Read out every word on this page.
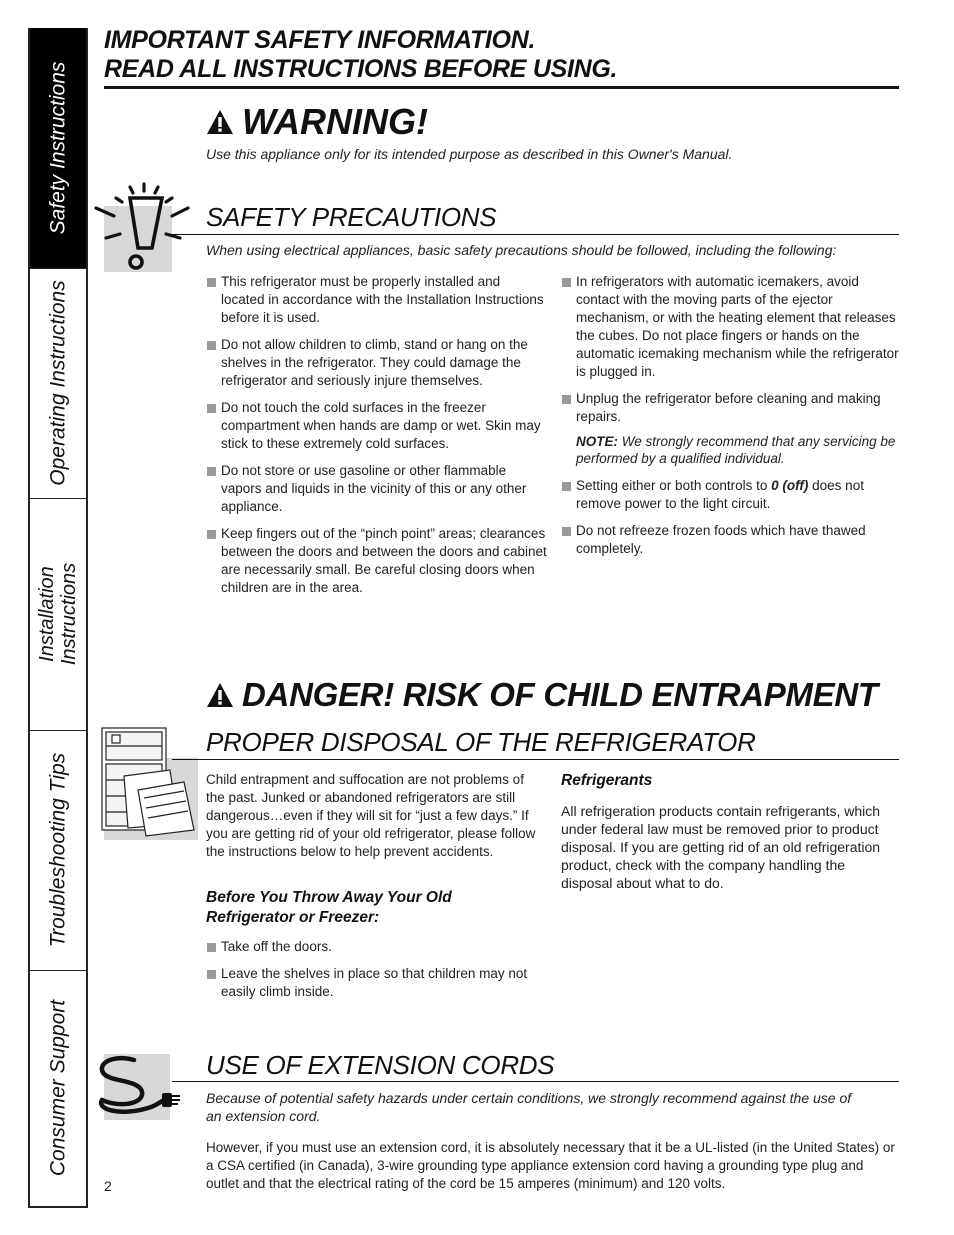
Safety Instructions
Operating Instructions
Installation Instructions
Troubleshooting Tips
Consumer Support
IMPORTANT SAFETY INFORMATION.
READ ALL INSTRUCTIONS BEFORE USING.
WARNING!
Use this appliance only for its intended purpose as described in this Owner's Manual.
SAFETY PRECAUTIONS
When using electrical appliances, basic safety precautions should be followed, including the following:
This refrigerator must be properly installed and located in accordance with the Installation Instructions before it is used.
Do not allow children to climb, stand or hang on the shelves in the refrigerator. They could damage the refrigerator and seriously injure themselves.
Do not touch the cold surfaces in the freezer compartment when hands are damp or wet. Skin may stick to these extremely cold surfaces.
Do not store or use gasoline or other flammable vapors and liquids in the vicinity of this or any other appliance.
Keep fingers out of the “pinch point” areas; clearances between the doors and between the doors and cabinet are necessarily small. Be careful closing doors when children are in the area.
In refrigerators with automatic icemakers, avoid contact with the moving parts of the ejector mechanism, or with the heating element that releases the cubes. Do not place fingers or hands on the automatic icemaking mechanism while the refrigerator is plugged in.
Unplug the refrigerator before cleaning and making repairs.
NOTE: We strongly recommend that any servicing be performed by a qualified individual.
Setting either or both controls to 0 (off) does not remove power to the light circuit.
Do not refreeze frozen foods which have thawed completely.
DANGER! RISK OF CHILD ENTRAPMENT
PROPER DISPOSAL OF THE REFRIGERATOR
Child entrapment and suffocation are not problems of the past. Junked or abandoned refrigerators are still dangerous…even if they will sit for “just a few days.” If you are getting rid of your old refrigerator, please follow the instructions below to help prevent accidents.
Before You Throw Away Your Old
Refrigerator or Freezer:
Take off the doors.
Leave the shelves in place so that children may not easily climb inside.
Refrigerants
All refrigeration products contain refrigerants, which under federal law must be removed prior to product disposal. If you are getting rid of an old refrigeration product, check with the company handling the disposal about what to do.
USE OF EXTENSION CORDS
Because of potential safety hazards under certain conditions, we strongly recommend against the use of an extension cord.
However, if you must use an extension cord, it is absolutely necessary that it be a UL-listed (in the United States) or a CSA certified (in Canada), 3-wire grounding type appliance extension cord having a grounding type plug and outlet and that the electrical rating of the cord be 15 amperes (minimum) and 120 volts.
2
